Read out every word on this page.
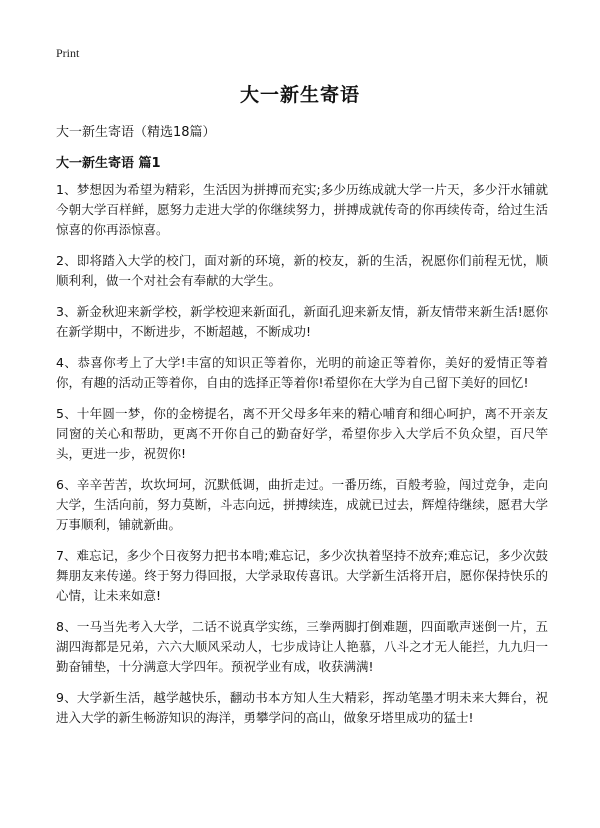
Print
大一新生寄语

大一新生寄语（精选18篇）

大一新生寄语 篇1

1、梦想因为希望为精彩，生活因为拼搏而充实;多少历练成就大学一片天，多少汗水铺就今朝大学百样鲜，愿努力走进大学的你继续努力，拼搏成就传奇的你再续传奇，给过生活惊喜的你再添惊喜。

2、即将踏入大学的校门，面对新的环境，新的校友，新的生活，祝愿你们前程无忧，顺顺利利，做一个对社会有奉献的大学生。

3、新金秋迎来新学校，新学校迎来新面孔，新面孔迎来新友情，新友情带来新生活!愿你在新学期中，不断进步，不断超越，不断成功!

4、恭喜你考上了大学!丰富的知识正等着你，光明的前途正等着你，美好的爱情正等着你，有趣的活动正等着你，自由的选择正等着你!希望你在大学为自己留下美好的回忆!

5、十年圆一梦，你的金榜提名，离不开父母多年来的精心哺育和细心呵护，离不开亲友同窗的关心和帮助，更离不开你自己的勤奋好学，希望你步入大学后不负众望，百尺竿头，更进一步，祝贺你!

6、辛辛苦苦，坎坎坷坷，沉默低调，曲折走过。一番历练，百般考验，闯过竞争，走向大学，生活向前，努力莫断，斗志向远，拼搏续连，成就已过去，辉煌待继续，愿君大学万事顺利，铺就新曲。

7、难忘记，多少个日夜努力把书本啃;难忘记，多少次执着坚持不放弃;难忘记，多少次鼓舞朋友来传递。终于努力得回报，大学录取传喜讯。大学新生活将开启，愿你保持快乐的心情，让未来如意!

8、一马当先考入大学，二话不说真学实练，三拳两脚打倒难题，四面歌声迷倒一片，五湖四海都是兄弟，六六大顺风采动人，七步成诗让人艳慕，八斗之才无人能拦，九九归一勤奋铺垫，十分满意大学四年。预祝学业有成，收获满满!

9、大学新生活，越学越快乐，翻动书本方知人生大精彩，挥动笔墨才明未来大舞台，祝进入大学的新生畅游知识的海洋，勇攀学问的高山，做象牙塔里成功的猛士!
